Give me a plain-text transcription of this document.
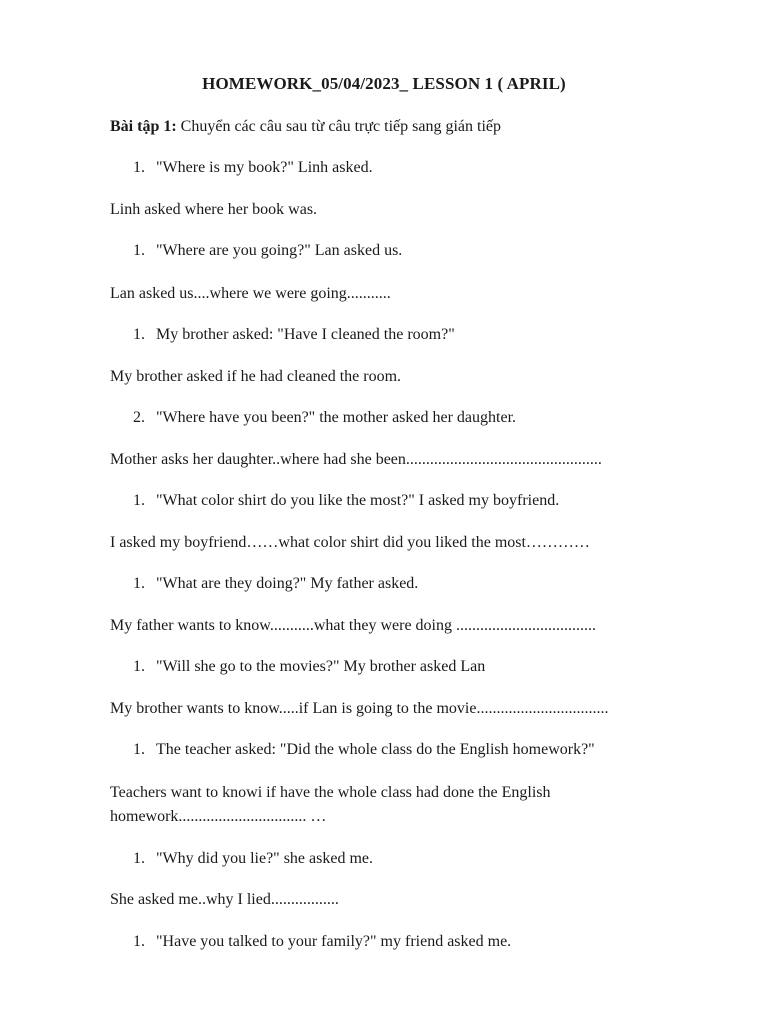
HOMEWORK_05/04/2023_ LESSON 1 ( APRIL)
Bài tập 1: Chuyển các câu sau từ câu trực tiếp sang gián tiếp
1. "Where is my book?" Linh asked.
Linh asked where her book was.
1. "Where are you going?" Lan asked us.
Lan asked us....where we were going...........
1. My brother asked: "Have I cleaned the room?"
My brother asked if he had cleaned the room.
2. "Where have you been?" the mother asked her daughter.
Mother asks her daughter..where had she been.................................................
1. "What color shirt do you like the most?" I asked my boyfriend.
I asked my boyfriend……what color shirt did you liked the most…………
1. "What are they doing?" My father asked.
My father wants to know...........what they were doing ...................................
1. "Will she go to the movies?" My brother asked Lan
My brother wants to know.....if Lan is going to the movie.................................
1. The teacher asked: "Did the whole class do the English homework?"
Teachers want to knowi if have the whole class had done the English
homework................................ …
1. "Why did you lie?" she asked me.
She asked me..why I lied.................
1. "Have you talked to your family?" my friend asked me.
